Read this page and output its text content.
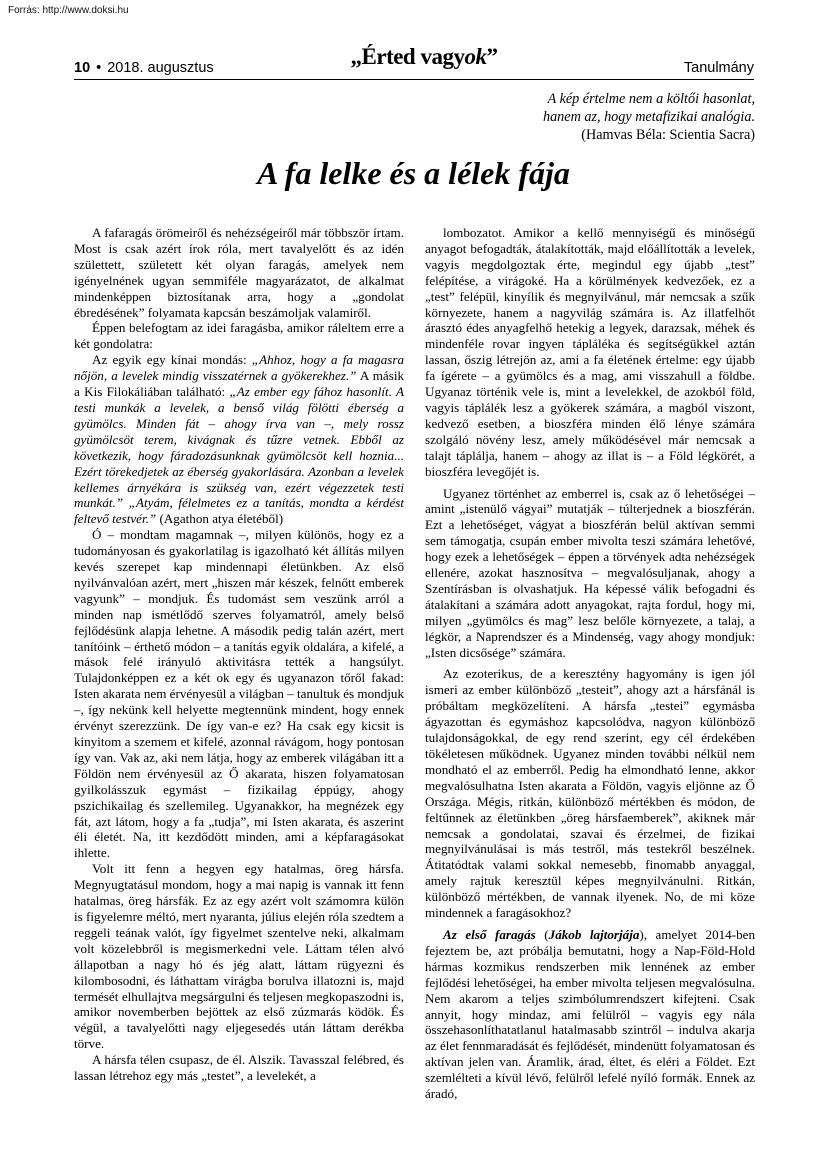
Forrás: http://www.doksi.hu
10 • 2018. augusztus	„Érted vagyok”	Tanulmány
A kép értelme nem a költői hasonlat,
hanem az, hogy metafizikai analógia.
(Hamvas Béla: Scientia Sacra)
A fa lelke és a lélek fája

A fafaragás örömeiről és nehézségeiről már többször írtam. Most is csak azért írok róla, mert tavalyelőtt és az idén születtett, született két olyan faragás, amelyek nem igényelnének ugyan semmiféle magyarázatot, de alkalmat mindenképpen biztosítanak arra, hogy a „gondolat ébredésének” folyamata kapcsán beszámoljak valamiről.

Éppen belefogtam az idei faragásba, amikor ráleltem erre a két gondolatra:

Az egyik egy kínai mondás: „Ahhoz, hogy a fa magasra nőjön, a levelek mindig visszatérnek a gyökerekhez.” A másik a Kis Filokáliában található: „Az ember egy fához hasonlít. A testi munkák a levelek, a benső világ fölötti éberség a gyümölcs. Minden fát – ahogy írva van –, mely rossz gyümölcsöt terem, kivágnak és tűzre vetnek. Ebből az következik, hogy fáradozásunknak gyümölcsöt kell hoznia... Ezért törekedjetek az éberség gyakorlására. Azonban a levelek kellemes árnyékára is szükség van, ezért végezzetek testi munkát.” „Atyám, félelmetes ez a tanítás, mondta a kérdést feltevő testvér.” (Agathon atya életéből)

Ó – mondtam magamnak –, milyen különös, hogy ez a tudományosan és gyakorlatilag is igazolható két állítás milyen kevés szerepet kap mindennapi életünkben. Az első nyilvánvalóan azért, mert „hiszen már készek, felnőtt emberek vagyunk” – mondjuk. És tudomást sem veszünk arról a minden nap ismétlődő szerves folyamatról, amely belső fejlődésünk alapja lehetne. A második pedig talán azért, mert tanítóink – érthető módon – a tanítás egyik oldalára, a kifelé, a mások felé irányuló aktivitásra tették a hangsúlyt. Tulajdonképpen ez a két ok egy és ugyanazon tőről fakad: Isten akarata nem érvényesül a világban – tanultuk és mondjuk –, így nekünk kell helyette megtennünk mindent, hogy ennek érvényt szerezzünk. De így van-e ez? Ha csak egy kicsit is kinyitom a szemem et kifelé, azonnal rávágom, hogy pontosan így van. Vak az, aki nem látja, hogy az emberek világában itt a Földön nem érvényesül az Ő akarata, hiszen folyamatosan gyilkolásszuk egymást – fizikailag éppúgy, ahogy pszichikailag és szellemileg. Ugyanakkor, ha megnézek egy fát, azt látom, hogy a fa „tudja”, mi Isten akarata, és aszerint éli életét. Na, itt kezdődött minden, ami a képfaragásokat ihlette.

Volt itt fenn a hegyen egy hatalmas, öreg hársfa. Megnyugtatásul mondom, hogy a mai napig is vannak itt fenn hatalmas, öreg hársfák. Ez az egy azért volt számomra külön is figyelemre méltó, mert nyaranta, július elején róla szedtem a reggeli teának valót, így figyelmet szentelve neki, alkalmam volt közelebbről is megismerkedni vele. Láttam télen alvó állapotban a nagy hó és jég alatt, láttam rügyezni és kilombosodni, és láthattam virágba borulva illatozni is, majd termését elhullajtva megsárgulni és teljesen megkopaszodni is, amikor novemberben bejöttek az első zúzmarás ködök. És végül, a tavalyelőtti nagy eljegesedés után láttam derékba törve.

A hársfa télen csupasz, de él. Alszik. Tavasszal felébred, és lassan létrehoz egy más „testet”, a levelekét, a

lombozatot. Amikor a kellő mennyiségű és minőségű anyagot befogadták, átalakították, majd előállították a levelek, vagyis megdolgoztak érte, megindul egy újabb „test” felépítése, a virágoké. Ha a körülmények kedvezőek, ez a „test” felépül, kinyílik és megnyilvánul, már nemcsak a szűk környezete, hanem a nagyvilág számára is. Az illatfelhőt árasztó édes anyagfelhő hetekig a legyek, darazsak, méhek és mindenféle rovar ingyen táplálékа és segítségükkel aztán lassan, őszig létrejön az, ami a fa életének értelme: egy újabb fa ígérete – a gyümölcs és a mag, ami visszahull a földbe. Ugyanaz történik vele is, mint a levelekkel, de azokból föld, vagyis táplálék lesz a gyökerek számára, a magból viszont, kedvező esetben, a bioszféra minden élő lénye számára szolgáló növény lesz, amely működésével már nemcsak a talajt táplálja, hanem – ahogy az illat is – a Föld légkörét, a bioszféra levegőjét is.

Ugyanez történhet az emberrel is, csak az ő lehetőségei – amint „istenülő vágyai” mutatják – túlterjednek a bioszférán. Ezt a lehetőséget, vágyat a bioszférán belül aktívan semmi sem támogatja, csupán ember mivolta teszi számára lehetővé, hogy ezek a lehetőségek – éppen a törvények adta nehézségek ellenére, azokat hasznosítva – megvalósuljanak, ahogy a Szentírásban is olvashatjuk. Ha képessé válik befogadni és átalakítani a számára adott anyagokat, rajta fordul, hogy mi, milyen „gyümölcs és mag” lesz belőle környezete, a talaj, a légkör, a Naprendszer és a Mindenség, vagy ahogy mondjuk: „Isten dicsősége” számára.

Az ezoterikus, de a keresztény hagyomány is igen jól ismeri az ember különböző „testeit”, ahogy azt a hársfánál is próbáltam megközelíteni. A hársfa „testei” egymásba ágyazottan és egymáshoz kapcsolódva, nagyon különböző tulajdonságokkal, de egy rend szerint, egy cél érdekében tökéletesen működnek. Ugyanez minden további nélkül nem mondható el az emberről. Pedig ha elmondható lenne, akkor megvalósulhatna Isten akarata a Földön, vagyis eljönne az Ő Országa. Mégis, ritkán, különböző mértékben és módon, de feltűnnek az életünkben „öreg hársfaemberek”, akiknek már nemcsak a gondolatai, szavai és érzelmei, de fizikai megnyilvánulásai is más testről, más testekről beszélnek. Átitatódtak valami sokkal nemesebb, finomabb anyaggal, amely rajtuk keresztül képes megnyilvánulni. Ritkán, különböző mértékben, de vannak ilyenek. No, de mi köze mindennek a faragásokhoz?

Az első faragás (Jákob lajtorjája), amelyet 2014-ben fejeztem be, azt próbálja bemutatni, hogy a Nap-Föld-Hold hármas kozmikus rendszerben mik lennének az ember fejlődési lehetőségei, ha ember mivolta teljesen megvalósulna. Nem akarom a teljes szimbólumrendszert kifejteni. Csak annyit, hogy mindaz, ami felülről – vagyis egy nála összehasonlíthatatlanul hatalmasabb szintről – indulva akarja az élet fennmaradását és fejlődését, mindenütt folyamatosan és aktívan jelen van. Áramlik, árad, éltet, és eléri a Földet. Ezt szemlélteti a kívül lévő, felülről lefelé nyíló formák. Ennek az áradó,
